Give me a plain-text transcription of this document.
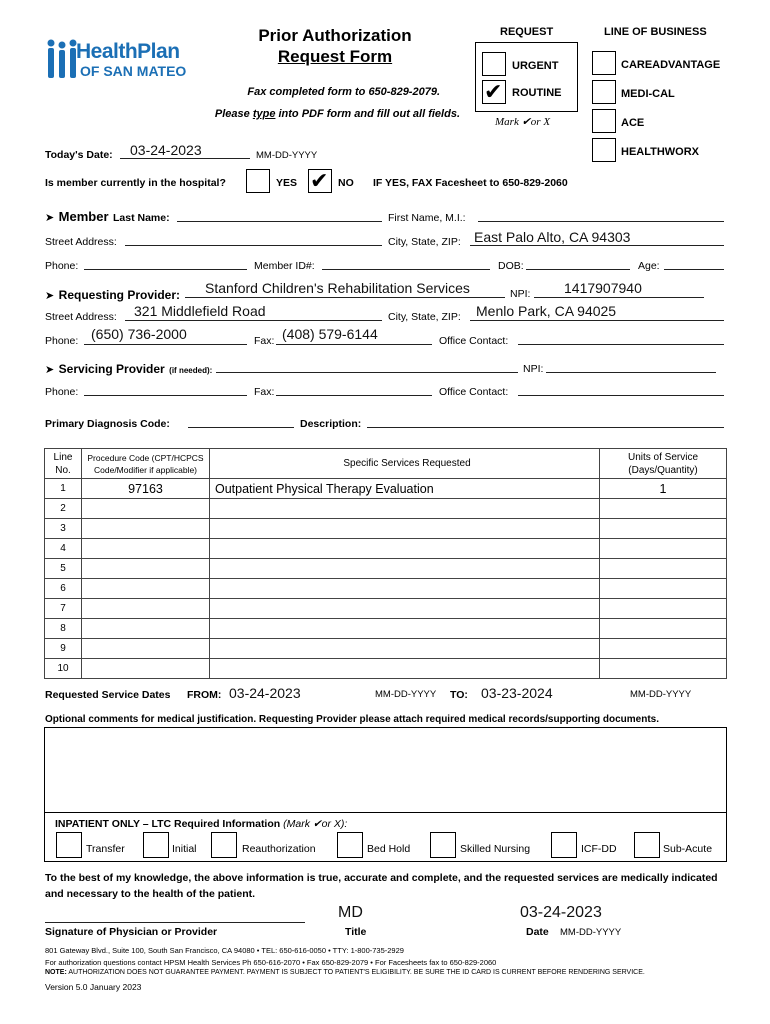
HealthPlan
OF SAN MATEO
Prior Authorization
Request Form
Fax completed form to 650-829-2079.
Please type into PDF form and fill out all fields.
REQUEST
URGENT
✔ ROUTINE
Mark ✔or X
LINE OF BUSINESS
CAREADVANTAGE
MEDI-CAL
ACE
HEALTHWORX
Today's Date: 03-24-2023	MM-DD-YYYY
Is member currently in the hospital?	YES ✔ NO IF YES, FAX Facesheet to 650-829-2060
➤ Member Last Name:	First Name, M.I.:
Street Address:	City, State, ZIP: East Palo Alto, CA 94303
Phone:	Member ID#:	DOB:	Age:
➤ Requesting Provider: Stanford Children's Rehabilitation Services	NPI: 1417907940
Street Address: 321 Middlefield Road	City, State, ZIP: Menlo Park, CA 94025
Phone: (650) 736-2000	Fax: (408) 579-6144	Office Contact:
➤ Servicing Provider (if needed):	NPI:
Phone:	Fax:	Office Contact:
Primary Diagnosis Code:	Description:
Line
No.	Procedure Code (CPT/HCPCS
Code/Modifier if applicable)	Specific Services Requested	Units of Service
(Days/Quantity)
1	97163	Outpatient Physical Therapy Evaluation	1
2			
3			
4			
5			
6			
7			
8			
9			
10			
Requested Service Dates FROM: 03-24-2023	MM-DD-YYYY TO: 03-23-2024	MM-DD-YYYY
Optional comments for medical justification. Requesting Provider please attach required medical records/supporting documents.
INPATIENT ONLY – LTC Required Information (Mark ✔or X):
Transfer	Initial	Reauthorization	Bed Hold	Skilled Nursing	ICF-DD	Sub-Acute
To the best of my knowledge, the above information is true, accurate and complete, and the requested services are medically indicated and necessary to the health of the patient.
Signature of Physician or Provider
MD
Title
03-24-2023
Date MM-DD-YYYY
801 Gateway Blvd., Suite 100, South San Francisco, CA 94080 • TEL: 650-616-0050 • TTY: 1-800-735-2929
For authorization questions contact HPSM Health Services Ph 650-616-2070 • Fax 650-829-2079 • For Facesheets fax to 650-829-2060
NOTE: AUTHORIZATION DOES NOT GUARANTEE PAYMENT. PAYMENT IS SUBJECT TO PATIENT'S ELIGIBILITY. BE SURE THE ID CARD IS CURRENT BEFORE RENDERING SERVICE.
Version 5.0 January 2023
